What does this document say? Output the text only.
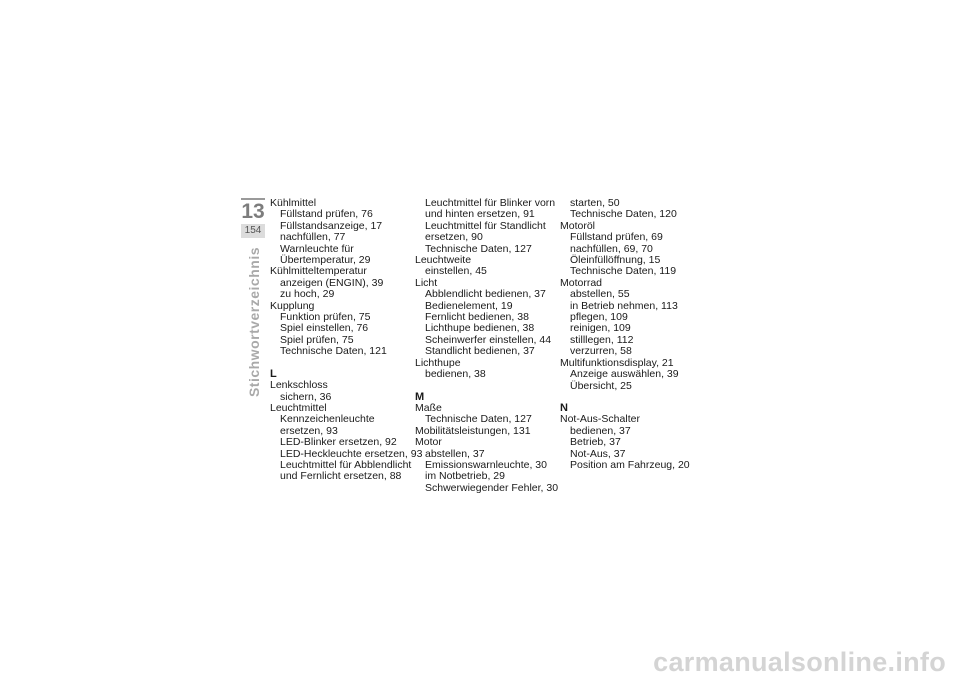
13
154
Stichwortverzeichnis
Kühlmittel
Füllstand prüfen, 76
Füllstandsanzeige, 17
nachfüllen, 77
Warnleuchte für
Übertemperatur, 29
Kühlmitteltemperatur
anzeigen (ENGIN), 39
zu hoch, 29
Kupplung
Funktion prüfen, 75
Spiel einstellen, 76
Spiel prüfen, 75
Technische Daten, 121
L
Lenkschloss
sichern, 36
Leuchtmittel
Kennzeichenleuchte
ersetzen, 93
LED-Blinker ersetzen, 92
LED-Heckleuchte ersetzen, 93
Leuchtmittel für Abblendlicht
und Fernlicht ersetzen, 88
Leuchtmittel für Blinker vorn
und hinten ersetzen, 91
Leuchtmittel für Standlicht
ersetzen, 90
Technische Daten, 127
Leuchtweite
einstellen, 45
Licht
Abblendlicht bedienen, 37
Bedienelement, 19
Fernlicht bedienen, 38
Lichthupe bedienen, 38
Scheinwerfer einstellen, 44
Standlicht bedienen, 37
Lichthupe
bedienen, 38
M
Maße
Technische Daten, 127
Mobilitätsleistungen, 131
Motor
abstellen, 37
Emissionswarnleuchte, 30
im Notbetrieb, 29
Schwerwiegender Fehler, 30
starten, 50
Technische Daten, 120
Motoröl
Füllstand prüfen, 69
nachfüllen, 69, 70
Öleinfüllöffnung, 15
Technische Daten, 119
Motorrad
abstellen, 55
in Betrieb nehmen, 113
pflegen, 109
reinigen, 109
stilllegen, 112
verzurren, 58
Multifunktionsdisplay, 21
Anzeige auswählen, 39
Übersicht, 25
N
Not-Aus-Schalter
bedienen, 37
Betrieb, 37
Not-Aus, 37
Position am Fahrzeug, 20
carmanualsonline.info
